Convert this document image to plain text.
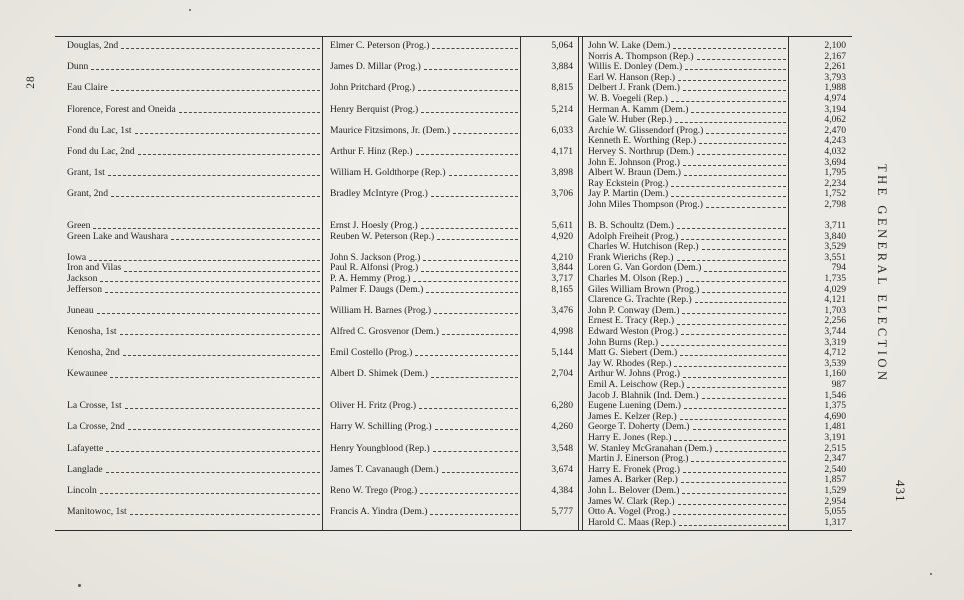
28
Douglas, 2nd	Elmer C. Peterson (Prog.)	5,064	John W. Lake (Dem.)	2,100
Norris A. Thompson (Rep.)	2,167
Dunn	James D. Millar (Prog.)	3,884	Willis E. Donley (Dem.)	2,261
Earl W. Hanson (Rep.)	3,793
Eau Claire	John Pritchard (Prog.)	8,815	Delbert J. Frank (Dem.)	1,988
W. B. Voegeli (Rep.)	4,974
Florence, Forest and Oneida	Henry Berquist (Prog.)	5,214	Herman A. Kamm (Dem.)	3,194
Gale W. Huber (Rep.)	4,062
Fond du Lac, 1st	Maurice Fitzsimons, Jr. (Dem.)	6,033	Archie W. Glissendorf (Prog.)	2,470
Kenneth E. Worthing (Rep.)	4,243
Fond du Lac, 2nd	Arthur F. Hinz (Rep.)	4,171	Hervey S. Northrup (Dem.)	4,032
John E. Johnson (Prog.)	3,694
Grant, 1st	William H. Goldthorpe (Rep.)	3,898	Albert W. Braun (Dem.)	1,795
Ray Eckstein (Prog.)	2,234
Grant, 2nd	Bradley McIntyre (Prog.)	3,706	Jay P. Martin (Dem.)	1,752
John Miles Thompson (Prog.)	2,798
Green	Ernst J. Hoesly (Prog.)	5,611	B. B. Schoultz (Dem.)	3,711
Green Lake and Waushara	Reuben W. Peterson (Rep.)	4,920	Adolph Freiheit (Prog.)	3,840
Charles W. Hutchison (Rep.)	3,529
Iowa	John S. Jackson (Prog.)	4,210	Frank Wierichs (Rep.)	3,551
Iron and Vilas	Paul R. Alfonsi (Prog.)	3,844	Loren G. Van Gordon (Dem.)	794
Jackson	P. A. Hemmy (Prog.)	3,717	Charles M. Olson (Rep.)	1,735
Jefferson	Palmer F. Daugs (Dem.)	8,165	Giles William Brown (Prog.)	4,029
Clarence G. Trachte (Rep.)	4,121
Juneau	William H. Barnes (Prog.)	3,476	John P. Conway (Dem.)	1,703
Ernest E. Tracy (Rep.)	2,256
Kenosha, 1st	Alfred C. Grosvenor (Dem.)	4,998	Edward Weston (Prog.)	3,744
John Burns (Rep.)	3,319
Kenosha, 2nd	Emil Costello (Prog.)	5,144	Matt G. Siebert (Dem.)	4,712
Jay W. Rhodes (Rep.)	3,539
Kewaunee	Albert D. Shimek (Dem.)	2,704	Arthur W. Johns (Prog.)	1,160
Emil A. Leischow (Rep.)	987
Jacob J. Blahnik (Ind. Dem.)	1,546
La Crosse, 1st	Oliver H. Fritz (Prog.)	6,280	Eugene Luening (Dem.)	1,375
James E. Kelzer (Rep.)	4,690
La Crosse, 2nd	Harry W. Schilling (Prog.)	4,260	George T. Doherty (Dem.)	1,481
Harry E. Jones (Rep.)	3,191
Lafayette	Henry Youngblood (Rep.)	3,548	W. Stanley McGranahan (Dem.)	2,515
Martin J. Einerson (Prog.)	2,347
Langlade	James T. Cavanaugh (Dem.)	3,674	Harry E. Fronek (Prog.)	2,540
James A. Barker (Rep.)	1,857
Lincoln	Reno W. Trego (Prog.)	4,384	John L. Belover (Dem.)	1,529
James W. Clark (Rep.)	2,954
Manitowoc, 1st	Francis A. Yindra (Dem.)	5,777	Otto A. Vogel (Prog.)	5,055
Harold C. Maas (Rep.)	1,317
THE GENERAL ELECTION
431
